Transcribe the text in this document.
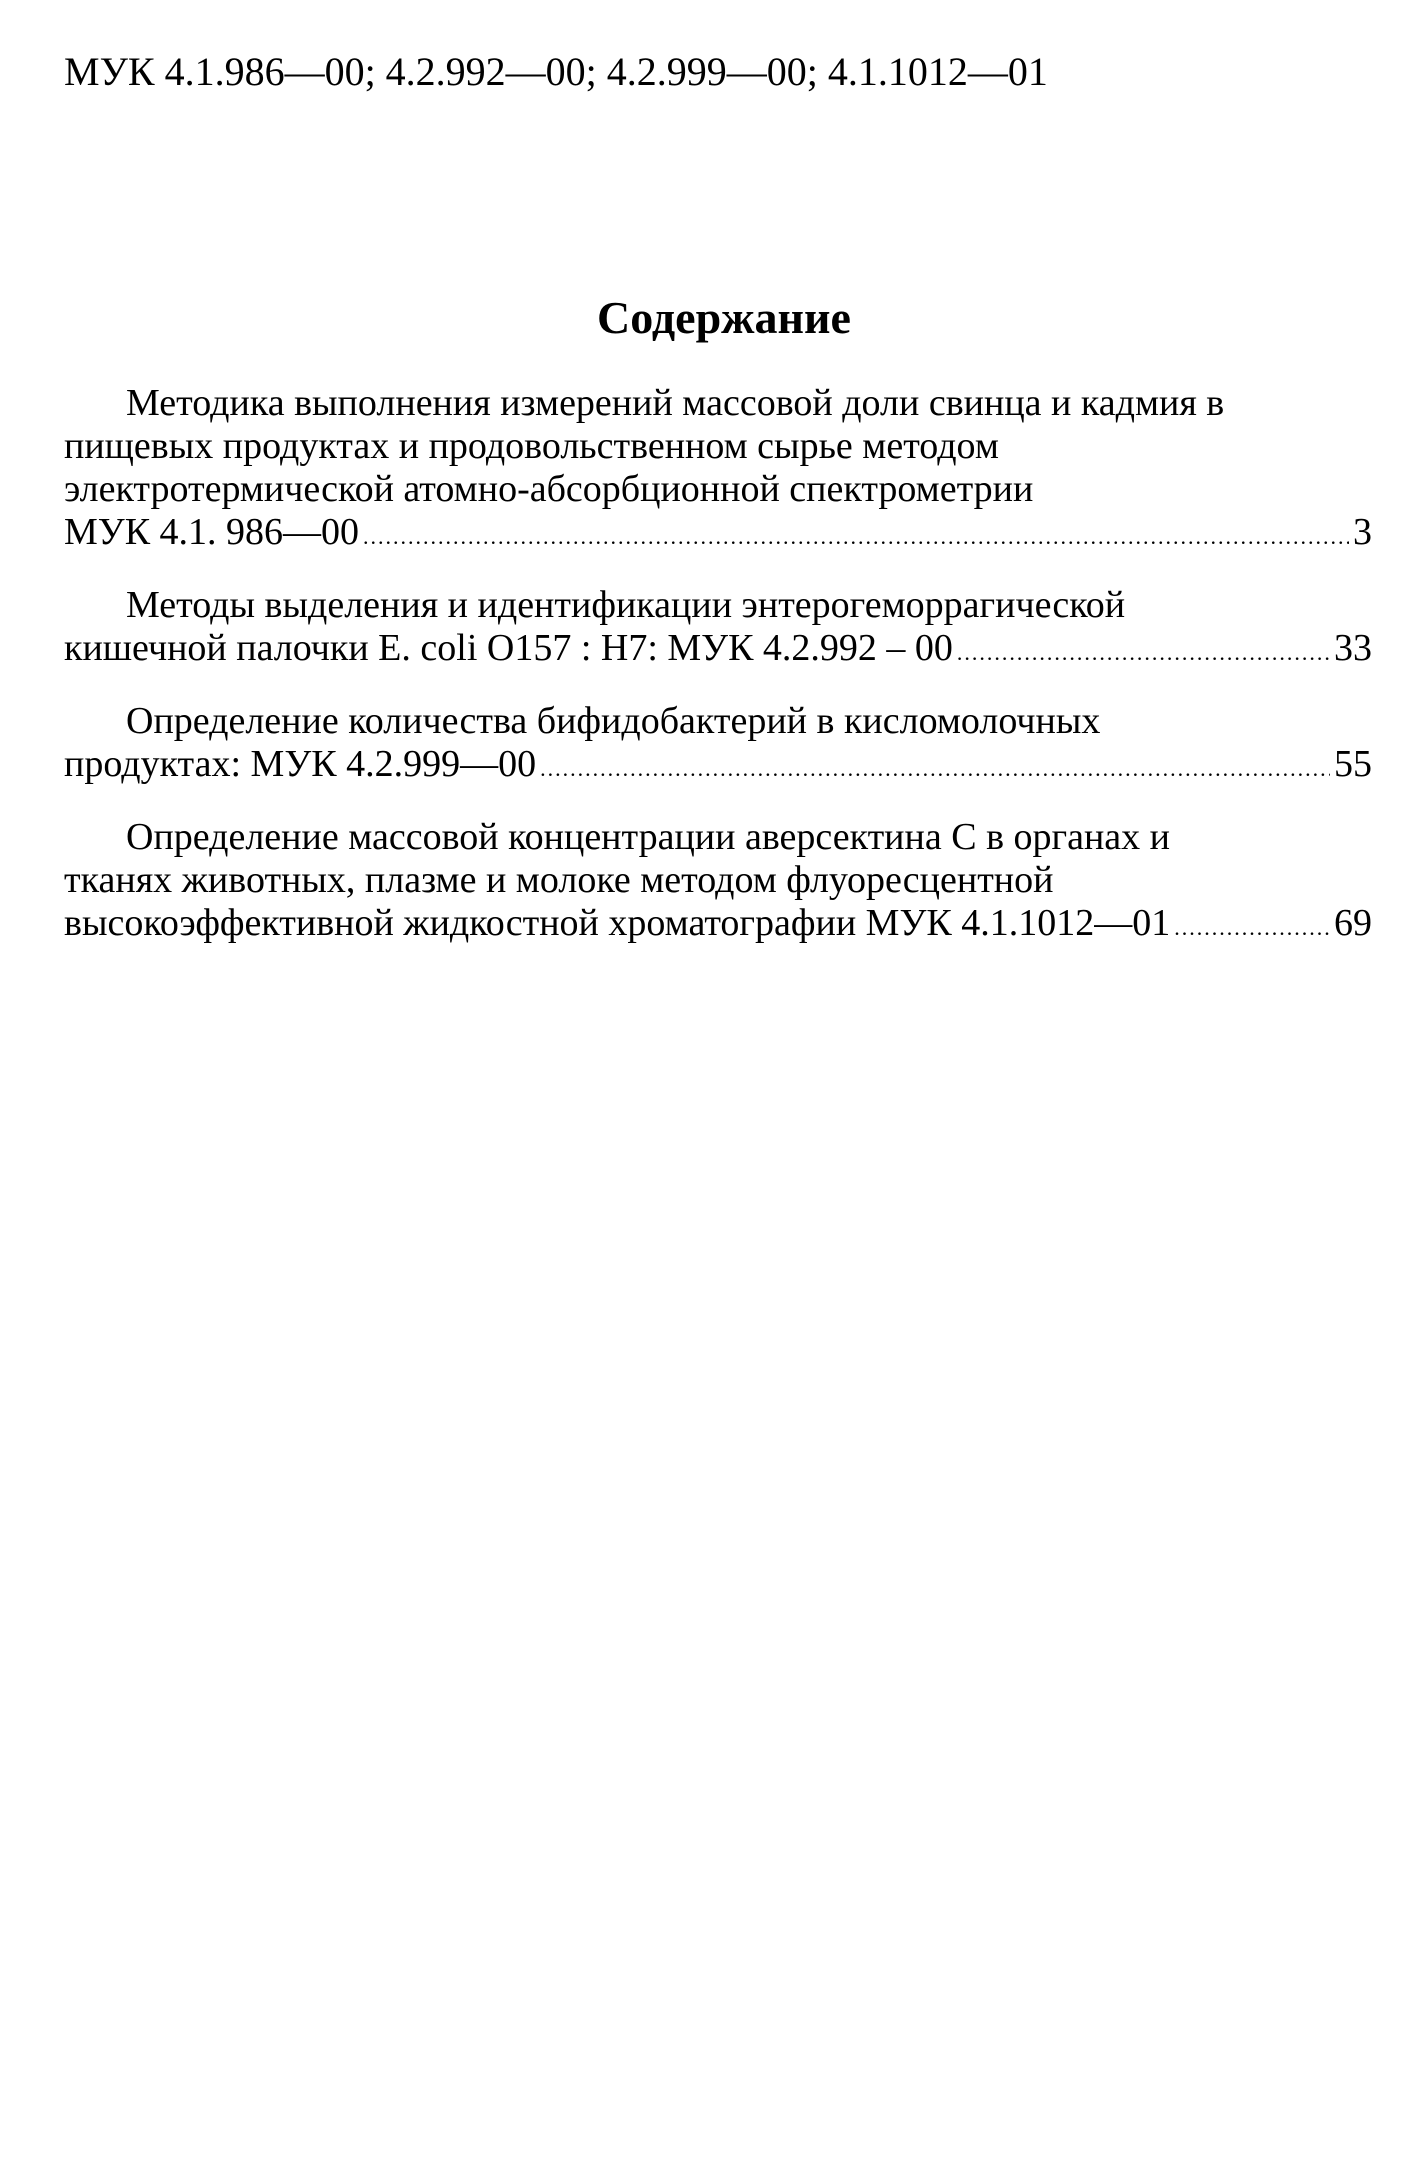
МУК 4.1.986—00; 4.2.992—00; 4.2.999—00; 4.1.1012—01
Содержание
Методика выполнения измерений массовой доли свинца и кадмия в
пищевых продуктах и продовольственном сырье методом
электротермической атомно-абсорбционной спектрометрии
МУК 4.1. 986—00 .....	3
Методы выделения и идентификации энтерогеморрагической
кишечной палочки E. coli O157 : H7: МУК 4.2.992 – 00 .....	33
Определение количества бифидобактерий в кисломолочных
продуктах: МУК 4.2.999—00 .....	55
Определение массовой концентрации аверсектина С в органах и
тканях животных, плазме и молоке методом флуоресцентной
высокоэффективной жидкостной хроматографии МУК 4.1.1012—01 .....	69
